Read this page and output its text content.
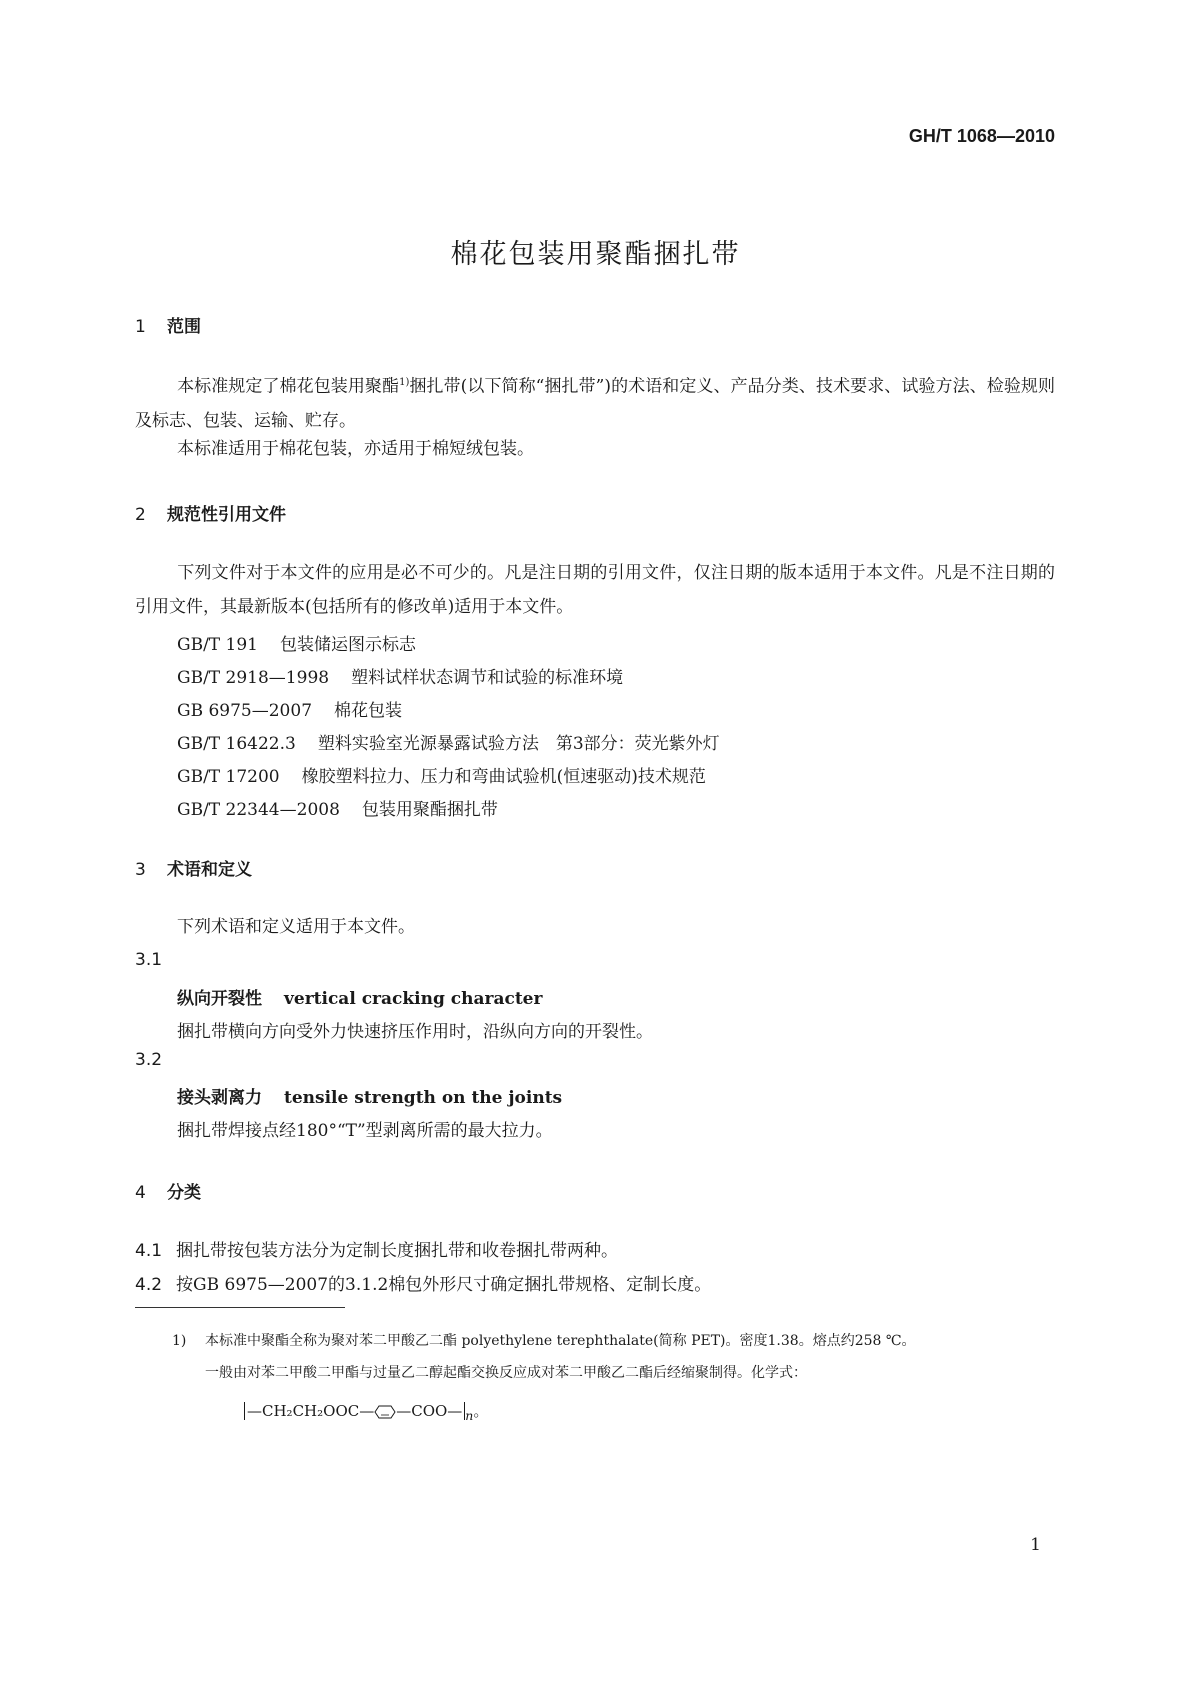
GH/T 1068—2010
棉花包装用聚酯捆扎带
1 范围
本标准规定了棉花包装用聚酯$^{1)}$捆扎带(以下简称“捆扎带”)的术语和定义、产品分类、技术要求、试验方法、检验规则及标志、包装、运输、贮存。
本标准适用于棉花包装，亦适用于棉短绒包装。
2 规范性引用文件
下列文件对于本文件的应用是必不可少的。凡是注日期的引用文件，仅注日期的版本适用于本文件。凡是不注日期的引用文件，其最新版本(包括所有的修改单)适用于本文件。
GB/T 191 包装储运图示标志
GB/T 2918—1998 塑料试样状态调节和试验的标准环境
GB 6975—2007 棉花包装
GB/T 16422.3 塑料实验室光源暴露试验方法　第3部分：荧光紫外灯
GB/T 17200 橡胶塑料拉力、压力和弯曲试验机(恒速驱动)技术规范
GB/T 22344—2008 包装用聚酯捆扎带
3 术语和定义
下列术语和定义适用于本文件。
3.1
纵向开裂性 vertical cracking character
捆扎带横向方向受外力快速挤压作用时，沿纵向方向的开裂性。
3.2
接头剥离力 tensile strength on the joints
捆扎带焊接点经180°“T”型剥离所需的最大拉力。
4 分类
4.1 捆扎带按包装方法分为定制长度捆扎带和收卷捆扎带两种。
4.2 按GB 6975—2007的3.1.2棉包外形尺寸确定捆扎带规格、定制长度。
1) 本标准中聚酯全称为聚对苯二甲酸乙二酯 polyethylene terephthalate(简称 PET)。密度1.38。熔点约258 ℃。
一般由对苯二甲酸二甲酯与过量乙二醇起酯交换反应成对苯二甲酸乙二酯后经缩聚制得。化学式：
—CH₂CH₂OOC— —COO— $_n$。
1
